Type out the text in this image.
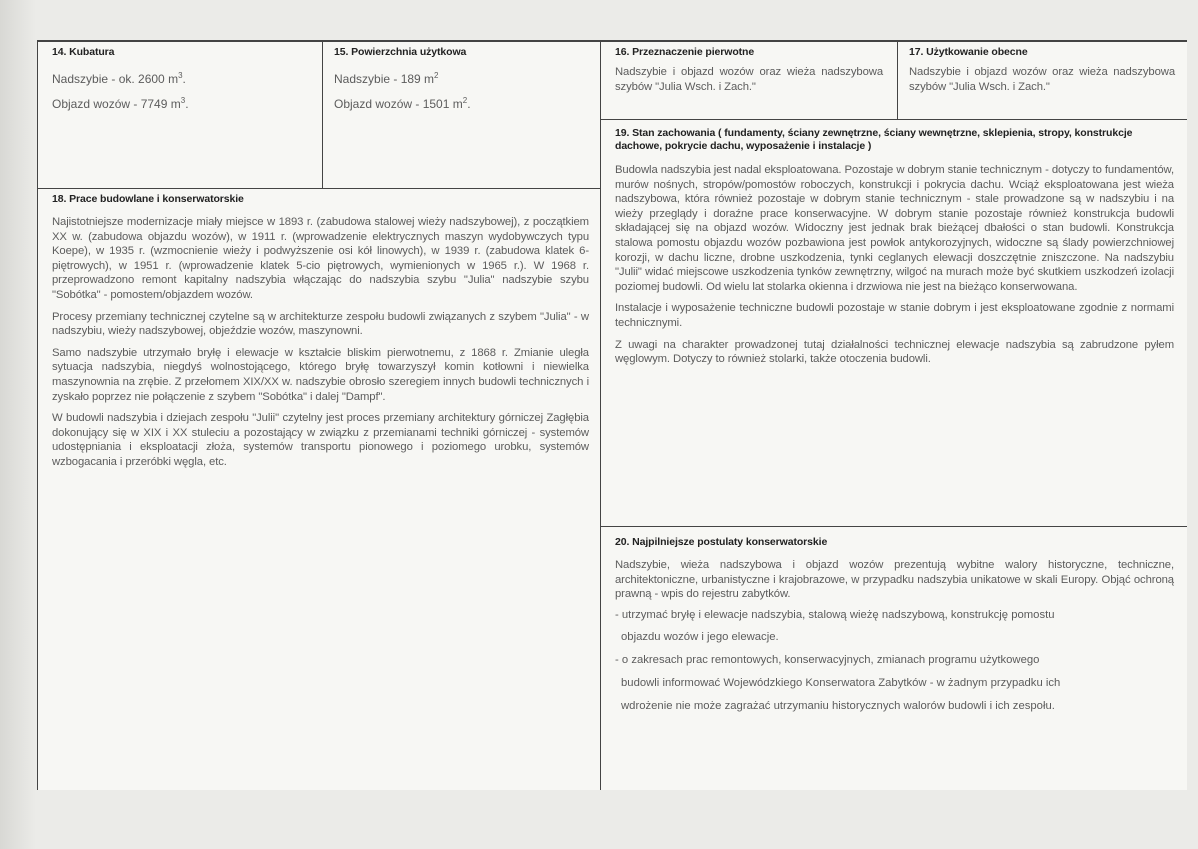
14. Kubatura
Nadszybie - ok. 2600 $m^3$.
Objazd wozów - 7749 $m^3$.
15. Powierzchnia użytkowa
Nadszybie - 189 $m^2$
Objazd wozów - 1501 $m^2$.
16. Przeznaczenie pierwotne
Nadszybie i objazd wozów oraz wieża nadszybowa szybów "Julia Wsch. i Zach."
17. Użytkowanie obecne
Nadszybie i objazd wozów oraz wieża nadszybowa szybów "Julia Wsch. i Zach."
18. Prace budowlane i konserwatorskie

Najistotniejsze modernizacje miały miejsce w 1893 r. (zabudowa stalowej wieży nadszybowej), z początkiem XX w. (zabudowa objazdu wozów), w 1911 r. (wprowadzenie elektrycznych maszyn wydobywczych typu Koepe), w 1935 r. (wzmocnienie wieży i podwyższenie osi kół linowych), w 1939 r. (zabudowa klatek 6-piętrowych), w 1951 r. (wprowadzenie klatek 5-cio piętrowych, wymienionych w 1965 r.). W 1968 r. przeprowadzono remont kapitalny nadszybia włączając do nadszybia szybu "Julia" nadszybie szybu "Sobótka" - pomostem/objazdem wozów.

Procesy przemiany technicznej czytelne są w architekturze zespołu budowli związanych z szybem "Julia" - w nadszybiu, wieży nadszybowej, objeździe wozów, maszynowni.

Samo nadszybie utrzymało bryłę i elewacje w kształcie bliskim pierwotnemu, z 1868 r. Zmianie uległa sytuacja nadszybia, niegdyś wolnostojącego, którego bryłę towarzyszył komin kotłowni i niewielka maszynownia na zrębie. Z przełomem XIX/XX w. nadszybie obrosło szeregiem innych budowli technicznych i zyskało poprzez nie połączenie z szybem "Sobótka" i dalej "Dampf".

W budowli nadszybia i dziejach zespołu "Julii" czytelny jest proces przemiany architektury górniczej Zagłębia dokonujący się w XIX i XX stuleciu a pozostający w związku z przemianami techniki górniczej - systemów udostępniania i eksploatacji złoża, systemów transportu pionowego i poziomego urobku, systemów wzbogacania i przeróbki węgla, etc.

19. Stan zachowania ( fundamenty, ściany zewnętrzne, ściany wewnętrzne, sklepienia, stropy, konstrukcje dachowe, pokrycie dachu, wyposażenie i instalacje )

Budowla nadszybia jest nadal eksploatowana. Pozostaje w dobrym stanie technicznym - dotyczy to fundamentów, murów nośnych, stropów/pomostów roboczych, konstrukcji i pokrycia dachu. Wciąż eksploatowana jest wieża nadszybowa, która również pozostaje w dobrym stanie technicznym - stale prowadzone są w nadszybiu i na wieży przeglądy i doraźne prace konserwacyjne. W dobrym stanie pozostaje również konstrukcja budowli składającej się na objazd wozów. Widoczny jest jednak brak bieżącej dbałości o stan budowli. Konstrukcja stalowa pomostu objazdu wozów pozbawiona jest powłok antykorozyjnych, widoczne są ślady powierzchniowej korozji, w dachu liczne, drobne uszkodzenia, tynki ceglanych elewacji doszczętnie zniszczone. Na nadszybiu "Julii" widać miejscowe uszkodzenia tynków zewnętrzny, wilgoć na murach może być skutkiem uszkodzeń izolacji poziomej budowli. Od wielu lat stolarka okienna i drzwiowa nie jest na bieżąco konserwowana.

Instalacje i wyposażenie techniczne budowli pozostaje w stanie dobrym i jest eksploatowane zgodnie z normami technicznymi.

Z uwagi na charakter prowadzonej tutaj działalności technicznej elewacje nadszybia są zabrudzone pyłem węglowym. Dotyczy to również stolarki, także otoczenia budowli.

20. Najpilniejsze postulaty konserwatorskie
Nadszybie, wieża nadszybowa i objazd wozów prezentują wybitne walory historyczne, techniczne, architektoniczne, urbanistyczne i krajobrazowe, w przypadku nadszybia unikatowe w skali Europy. Objąć ochroną prawną - wpis do rejestru zabytków.
- utrzymać bryłę i elewacje nadszybia, stalową wieżę nadszybową, konstrukcję pomostu
objazdu wozów i jego elewacje.
- o zakresach prac remontowych, konserwacyjnych, zmianach programu użytkowego
budowli informować Wojewódzkiego Konserwatora Zabytków - w żadnym przypadku ich
wdrożenie nie może zagrażać utrzymaniu historycznych walorów budowli i ich zespołu.
